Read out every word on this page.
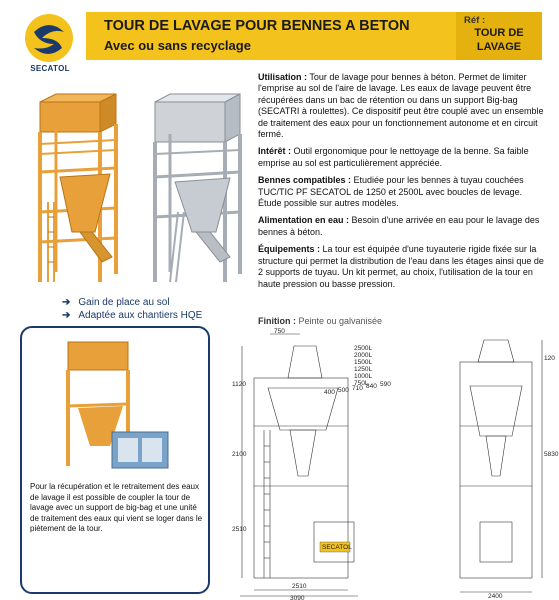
SECATOL
TOUR DE LAVAGE POUR BENNES A BETON
Avec ou sans recyclage
Réf :
TOUR DE
LAVAGE
➔ Gain de place au sol
➔ Adaptée aux chantiers HQE

Utilisation : Tour de lavage pour bennes à béton. Permet de limiter l'emprise au sol de l'aire de lavage. Les eaux de lavage peuvent être récupérées dans un bac de rétention ou dans un support Big-bag (SECATRI à roulettes). Ce dispositif peut être couplé avec un ensemble de traitement des eaux pour un fonctionnement autonome et en circuit fermé.

Intérêt : Outil ergonomique pour le nettoyage de la benne. Sa faible emprise au sol est particulièrement appréciée.

Bennes compatibles : Etudiée pour les bennes à tuyau couchées TUC/TIC PF SECATOL de 1250 et 2500L avec boucles de levage. Étude possible sur autres modèles.

Alimentation en eau : Besoin d'une arrivée en eau pour le lavage des bennes à béton.

Équipements : La tour est équipée d'une tuyauterie rigide fixée sur la structure qui permet la distribution de l'eau dans les étages ainsi que de 2 supports de tuyau. Un kit permet, au choix, l'utilisation de la tour en haute pression ou basse pression.

Finition : Peinte ou galvanisée
Pour la récupération et le retraitement des eaux de lavage il est possible de coupler la tour de lavage avec un support de big-bag et une unité de traitement des eaux qui vient se loger dans le piètement de la tour.
750
1120
2100
2510
2510
3090
5830
2400
120
400 500 710 840 590
2500L
2000L
1500L
1250L
1000L
750L
SECATOL
